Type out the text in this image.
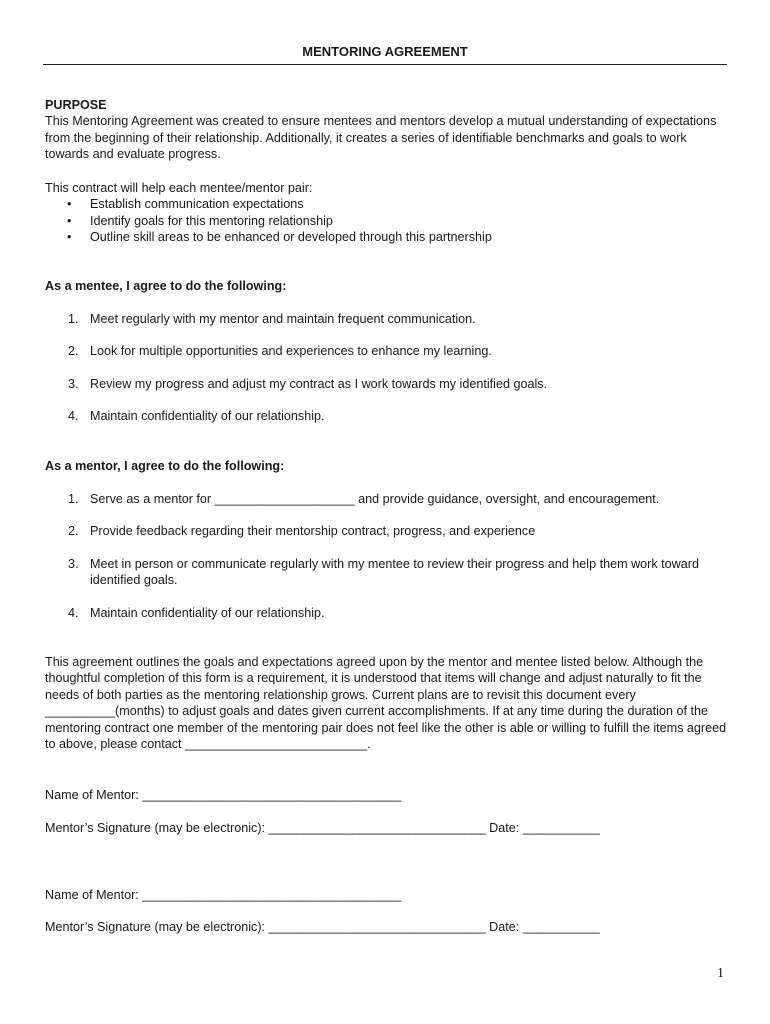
MENTORING AGREEMENT

PURPOSE

This Mentoring Agreement was created to ensure mentees and mentors develop a mutual understanding of expectations from the beginning of their relationship. Additionally, it creates a series of identifiable benchmarks and goals to work towards and evaluate progress.

This contract will help each mentee/mentor pair:

• Establish communication expectations
• Identify goals for this mentoring relationship
• Outline skill areas to be enhanced or developed through this partnership

As a mentee, I agree to do the following:

1. Meet regularly with my mentor and maintain frequent communication.
2. Look for multiple opportunities and experiences to enhance my learning.
3. Review my progress and adjust my contract as I work towards my identified goals.
4. Maintain confidentiality of our relationship.

As a mentor, I agree to do the following:

1. Serve as a mentor for ____________________ and provide guidance, oversight, and encouragement.
2. Provide feedback regarding their mentorship contract, progress, and experience
3. Meet in person or communicate regularly with my mentee to review their progress and help them work toward identified goals.
4. Maintain confidentiality of our relationship.

This agreement outlines the goals and expectations agreed upon by the mentor and mentee listed below. Although the thoughtful completion of this form is a requirement, it is understood that items will change and adjust naturally to fit the needs of both parties as the mentoring relationship grows. Current plans are to revisit this document every __________(months) to adjust goals and dates given current accomplishments. If at any time during the duration of the mentoring contract one member of the mentoring pair does not feel like the other is able or willing to fulfill the items agreed to above, please contact __________________________.

Name of Mentor: _____________________________________
Mentor’s Signature (may be electronic): _______________________________ Date: ___________
Name of Mentor: _____________________________________
Mentor’s Signature (may be electronic): _______________________________ Date: ___________
1
